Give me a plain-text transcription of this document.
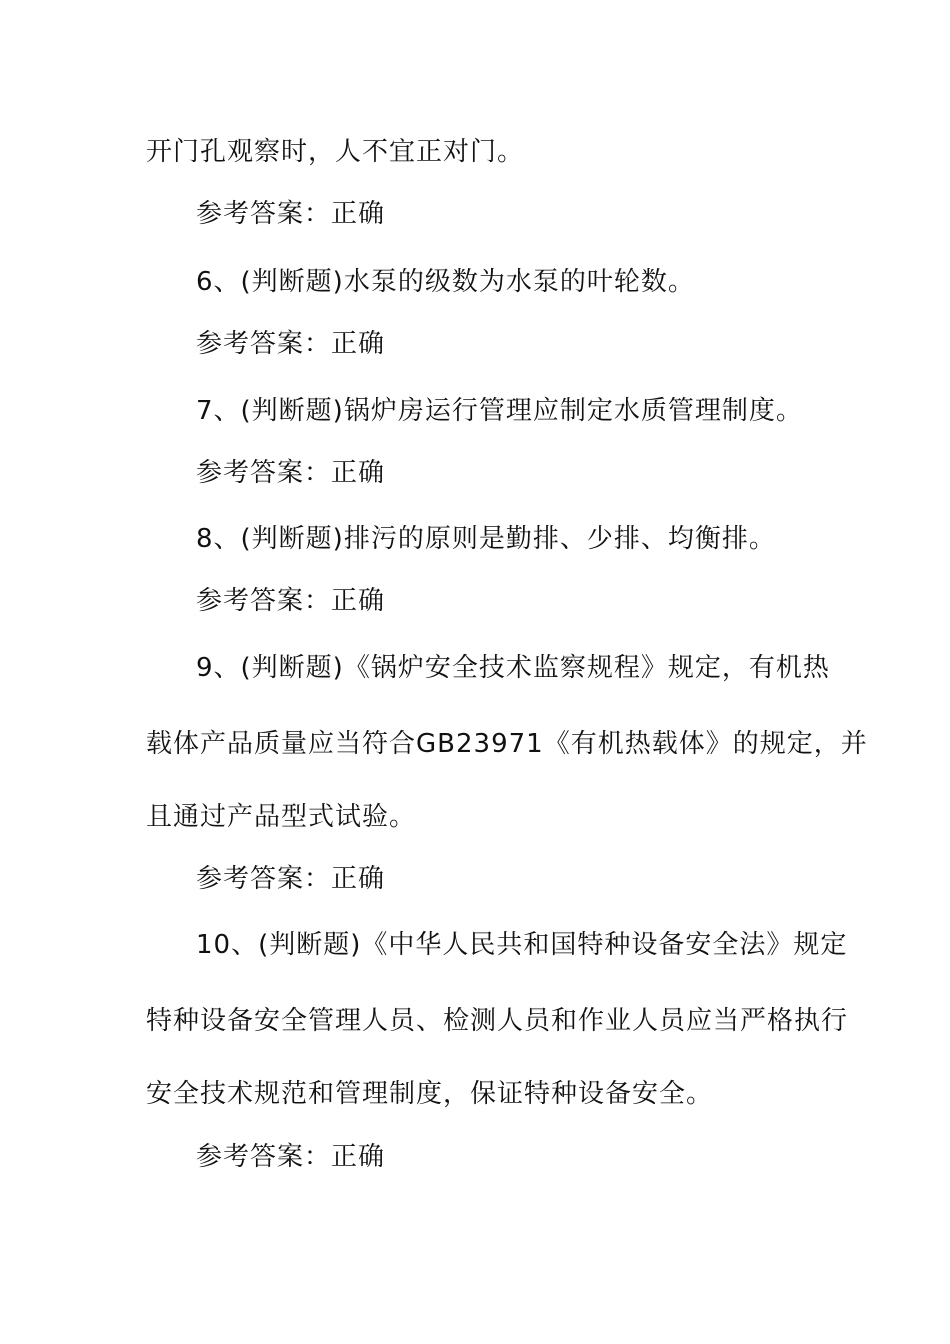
开门孔观察时，人不宜正对门。
参考答案：正确
6、(判断题)水泵的级数为水泵的叶轮数。
参考答案：正确
7、(判断题)锅炉房运行管理应制定水质管理制度。
参考答案：正确
8、(判断题)排污的原则是勤排、少排、均衡排。
参考答案：正确
9、(判断题)《锅炉安全技术监察规程》规定，有机热
载体产品质量应当符合GB23971《有机热载体》的规定，并
且通过产品型式试验。
参考答案：正确
10、(判断题)《中华人民共和国特种设备安全法》规定
特种设备安全管理人员、检测人员和作业人员应当严格执行
安全技术规范和管理制度，保证特种设备安全。
参考答案：正确
